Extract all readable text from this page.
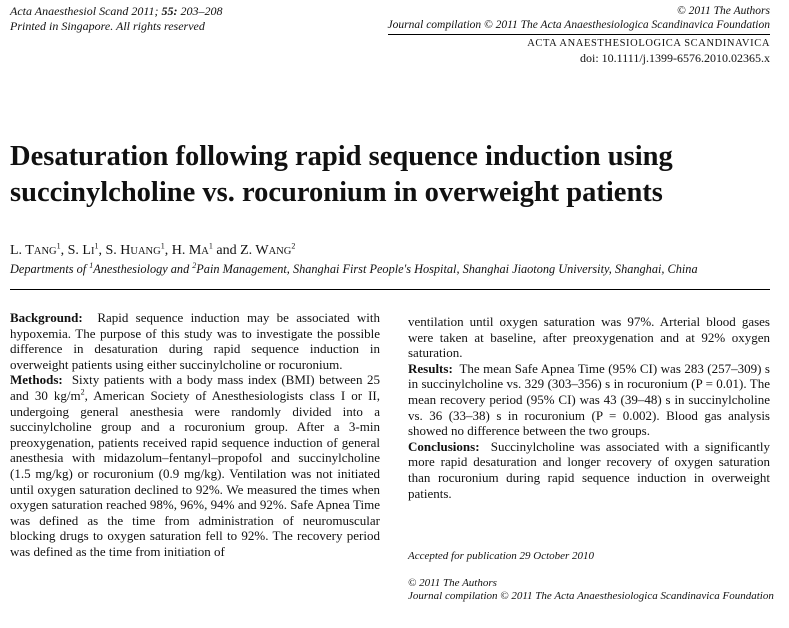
Acta Anaesthesiol Scand 2011; 55: 203–208
Printed in Singapore. All rights reserved
© 2011 The Authors
Journal compilation © 2011 The Acta Anaesthesiologica Scandinavica Foundation
ACTA ANAESTHESIOLOGICA SCANDINAVICA
doi: 10.1111/j.1399-6576.2010.02365.x
Desaturation following rapid sequence induction using
succinylcholine vs. rocuronium in overweight patients
L. TANG$^1$, S. $LI^1$, S. HUANG$^1$, H. $MA^1$ and Z. WANG$^2$
Departments of $^1$Anesthesiology and $^2$Pain Management, Shanghai First People's Hospital, Shanghai Jiaotong University, Shanghai, China

Background: Rapid sequence induction may be associated with hypoxemia. The purpose of this study was to investigate the possible difference in desaturation during rapid sequence induction in overweight patients using either succinylcholine or rocuronium.

Methods: Sixty patients with a body mass index (BMI) between 25 and 30 $kg/m^2$, American Society of Anesthesiologists class I or II, undergoing general anesthesia were randomly divided into a succinylcholine group and a rocuronium group. After a 3-min preoxygenation, patients received rapid sequence induction of general anesthesia with midazolum–fentanyl–propofol and succinylcholine (1.5 mg/kg) or rocuronium (0.9 mg/kg). Ventilation was not initiated until oxygen saturation declined to 92%. We measured the times when oxygen saturation reached 98%, 96%, 94% and 92%. Safe Apnea Time was defined as the time from administration of neuromuscular blocking drugs to oxygen saturation fell to 92%. The recovery period was defined as the time from initiation of

ventilation until oxygen saturation was 97%. Arterial blood gases were taken at baseline, after preoxygenation and at 92% oxygen saturation.

Results: The mean Safe Apnea Time (95% CI) was 283 (257–309) s in succinylcholine vs. 329 (303–356) s in rocuronium (P = 0.01). The mean recovery period (95% CI) was 43 (39–48) s in succinylcholine vs. 36 (33–38) s in rocuronium (P = 0.002). Blood gas analysis showed no difference between the two groups.

Conclusions: Succinylcholine was associated with a significantly more rapid desaturation and longer recovery of oxygen saturation than rocuronium during rapid sequence induction in overweight patients.

Accepted for publication 29 October 2010
© 2011 The Authors
Journal compilation © 2011 The Acta Anaesthesiologica Scandinavica Foundation
